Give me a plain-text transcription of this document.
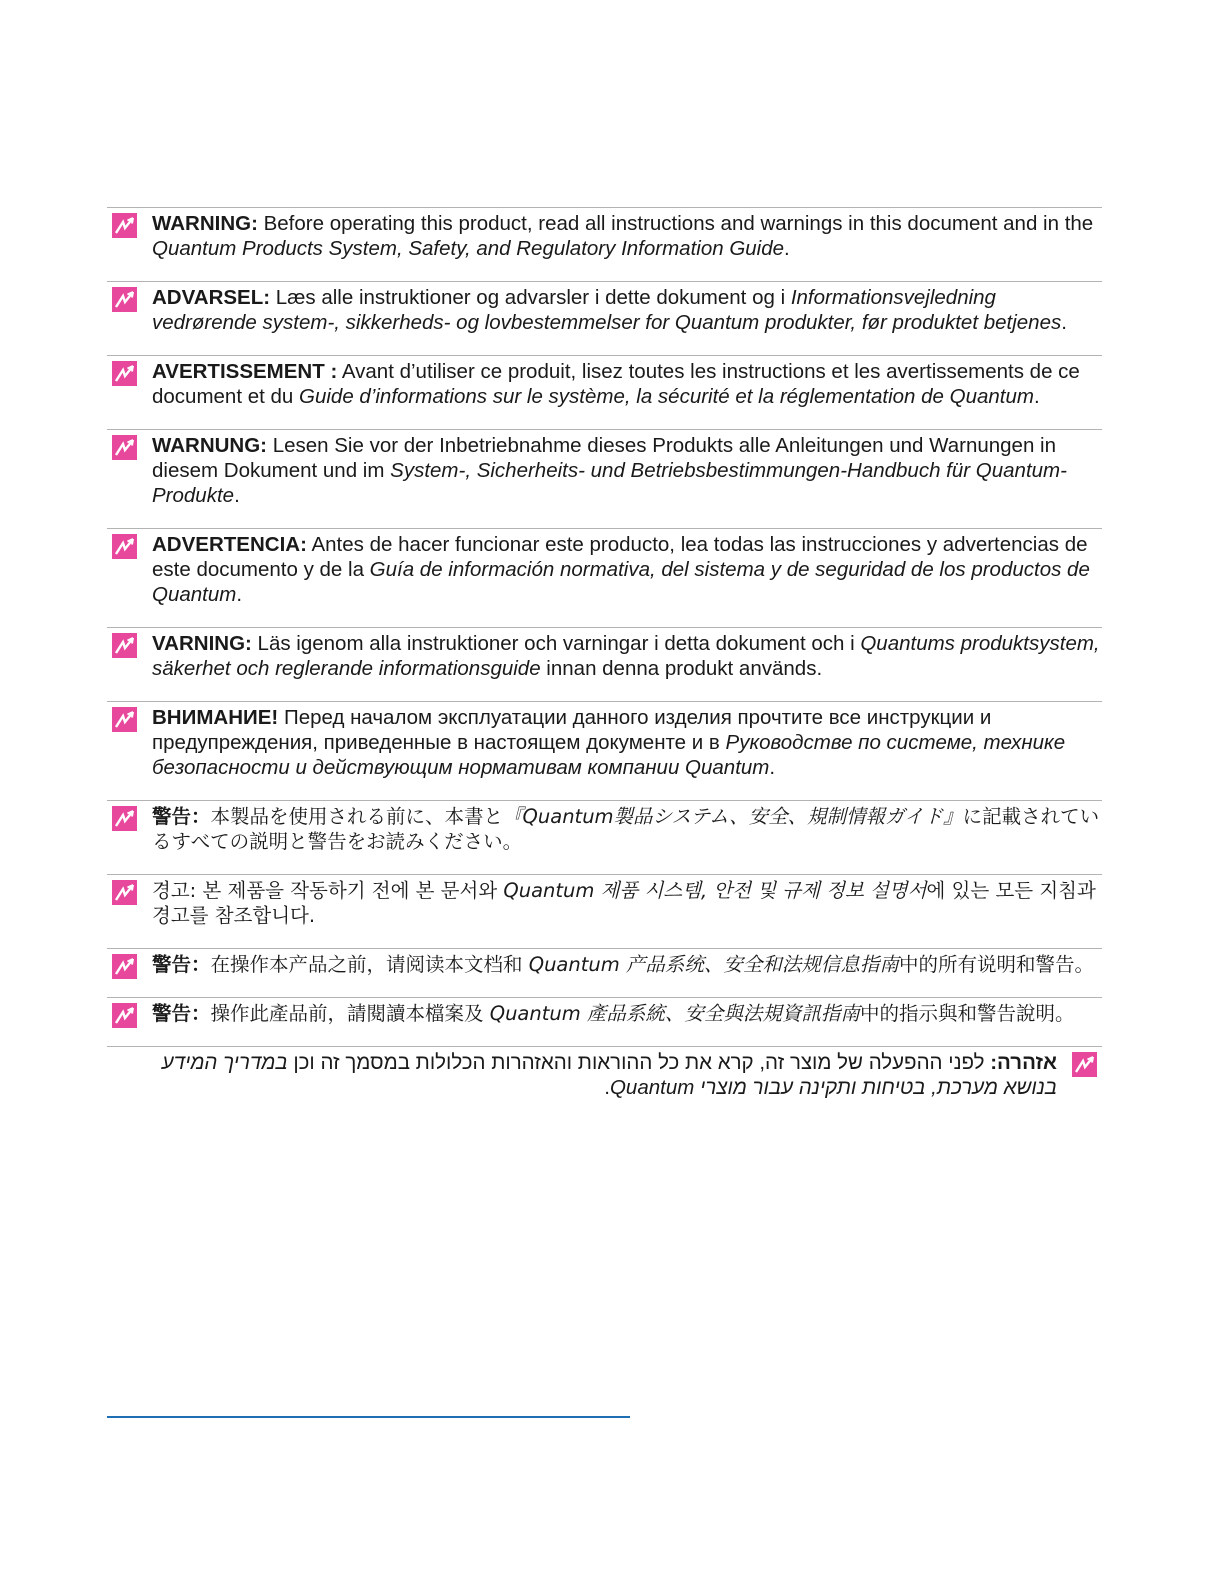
WARNING: Before operating this product, read all instructions and warnings in this document and in the Quantum Products System, Safety, and Regulatory Information Guide.
ADVARSEL: Læs alle instruktioner og advarsler i dette dokument og i Informationsvejledning vedrørende system-, sikkerheds- og lovbestemmelser for Quantum produkter, før produktet betjenes.
AVERTISSEMENT : Avant d’utiliser ce produit, lisez toutes les instructions et les avertissements de ce document et du Guide d’informations sur le système, la sécurité et la réglementation de Quantum.
WARNUNG: Lesen Sie vor der Inbetriebnahme dieses Produkts alle Anleitungen und Warnungen in diesem Dokument und im System-, Sicherheits- und Betriebsbestimmungen-Handbuch für Quantum-Produkte.
ADVERTENCIA: Antes de hacer funcionar este producto, lea todas las instrucciones y advertencias de este documento y de la Guía de información normativa, del sistema y de seguridad de los productos de Quantum.
VARNING: Läs igenom alla instruktioner och varningar i detta dokument och i Quantums produktsystem, säkerhet och reglerande informationsguide innan denna produkt används.
ВНИМАНИЕ! Перед началом эксплуатации данного изделия прочтите все инструкции и предупреждения, приведенные в настоящем документе и в Руководстве по системе, технике безопасности и действующим нормативам компании Quantum.
警告：本製品を使用される前に、本書と『Quantum製品システム、安全、規制情報ガイド』に記載されているすべての説明と警告をお読みください。
경고: 본 제품을 작동하기 전에 본 문서와 Quantum 제품 시스템, 안전 및 규제 정보 설명서에 있는 모든 지침과 경고를 참조합니다.
警告：在操作本产品之前，请阅读本文档和 Quantum 产品系统、安全和法规信息指南中的所有说明和警告。
警告：操作此產品前，請閱讀本檔案及 Quantum 產品系統、安全與法規資訊指南中的指示與和警告說明。
אזהרה: לפני ההפעלה של מוצר זה, קרא את כל ההוראות והאזהרות הכלולות במסמך זה וכן במדריך המידע בנושא מערכת, בטיחות ותקינה עבור מוצרי Quantum.
